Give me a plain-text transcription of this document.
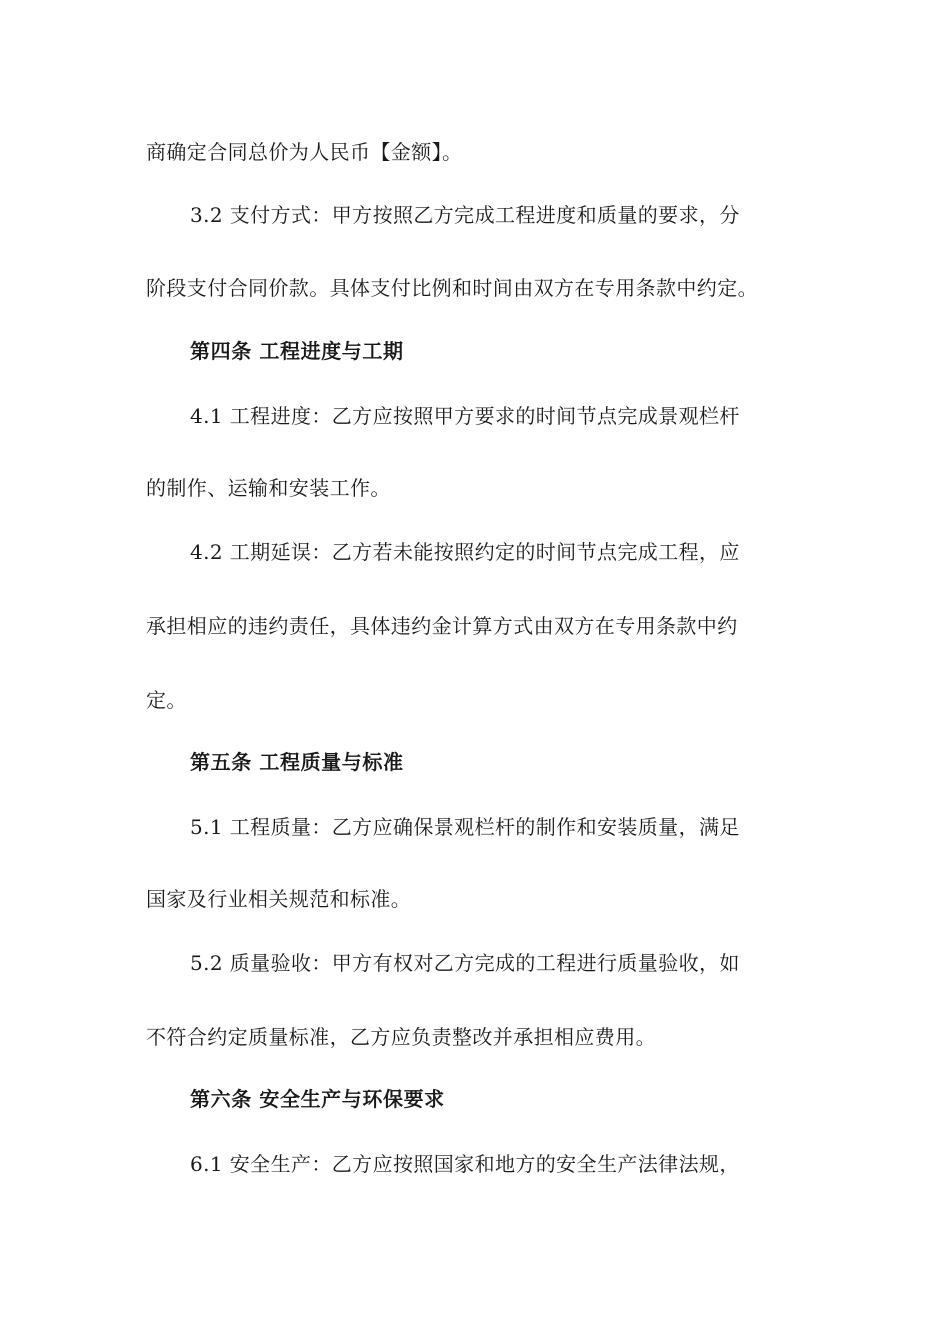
商确定合同总价为人民币【金额】。
3.2 支付方式：甲方按照乙方完成工程进度和质量的要求，分
阶段支付合同价款。具体支付比例和时间由双方在专用条款中约定。
第四条 工程进度与工期
4.1 工程进度：乙方应按照甲方要求的时间节点完成景观栏杆
的制作、运输和安装工作。
4.2 工期延误：乙方若未能按照约定的时间节点完成工程，应
承担相应的违约责任，具体违约金计算方式由双方在专用条款中约
定。
第五条 工程质量与标准
5.1 工程质量：乙方应确保景观栏杆的制作和安装质量，满足
国家及行业相关规范和标准。
5.2 质量验收：甲方有权对乙方完成的工程进行质量验收，如
不符合约定质量标准，乙方应负责整改并承担相应费用。
第六条 安全生产与环保要求
6.1 安全生产：乙方应按照国家和地方的安全生产法律法规，
